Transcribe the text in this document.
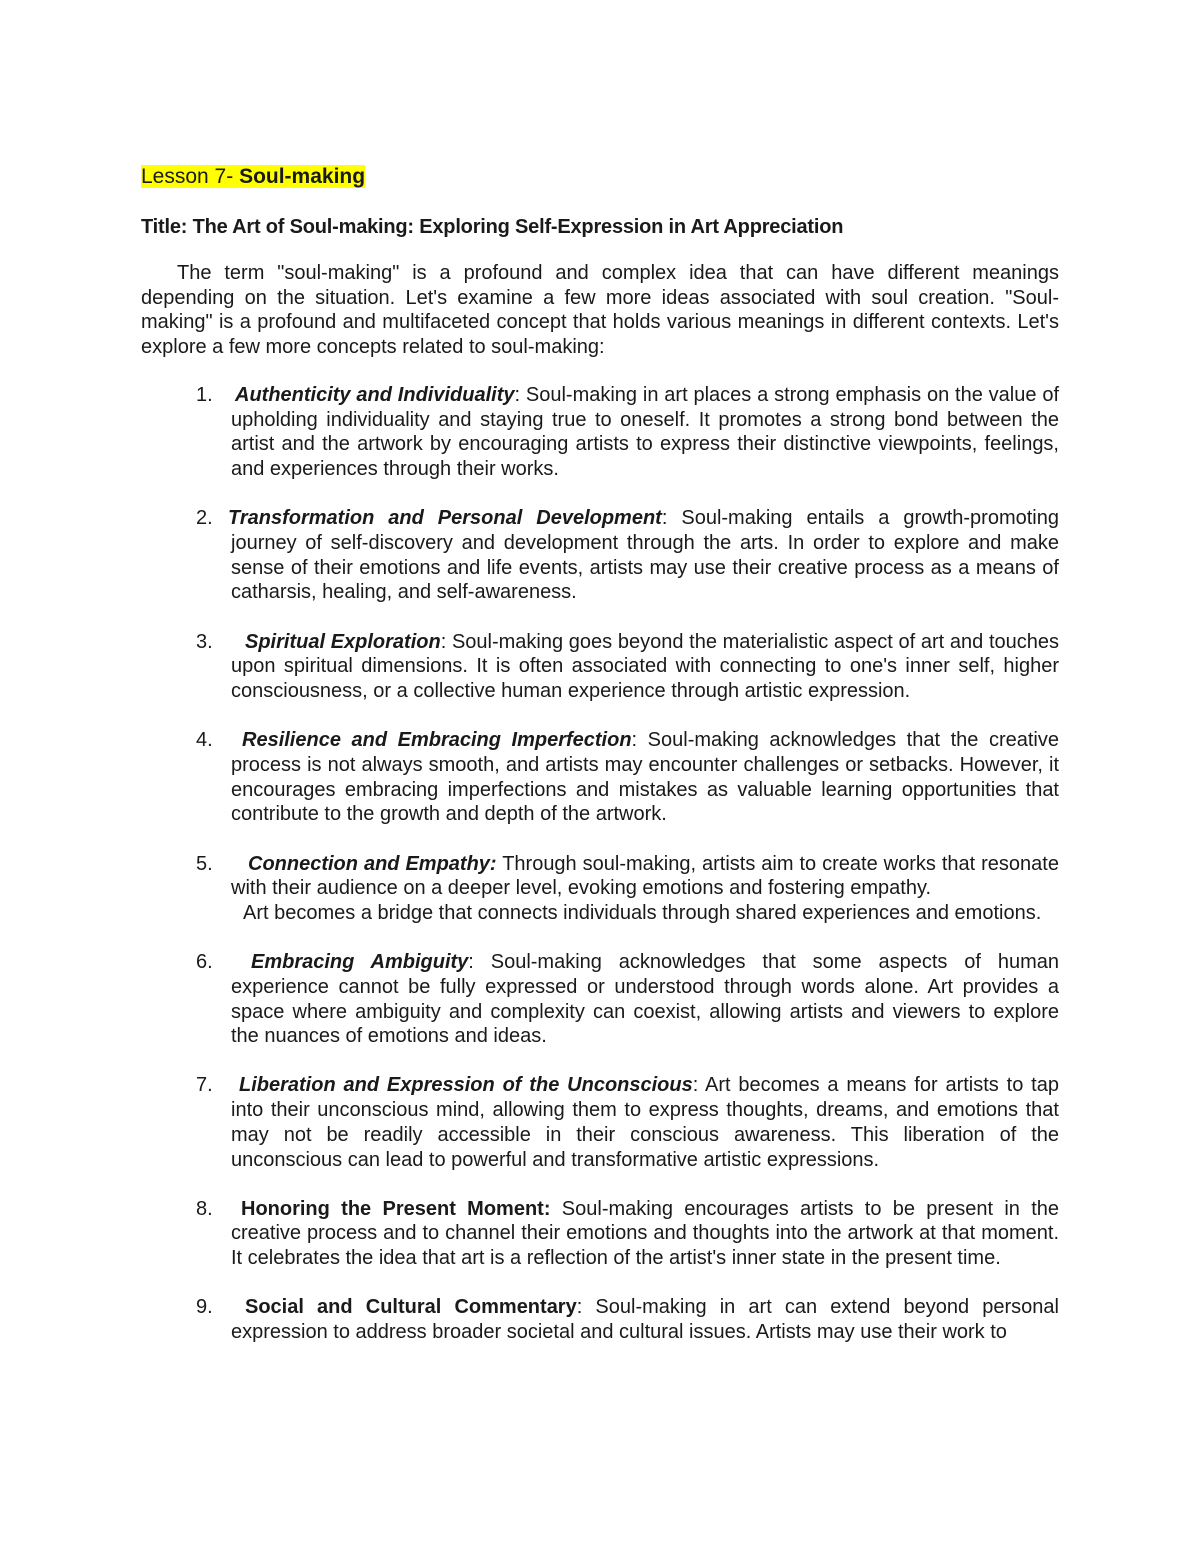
Lesson 7- Soul-making
Title: The Art of Soul-making: Exploring Self-Expression in Art Appreciation

The term "soul-making" is a profound and complex idea that can have different meanings depending on the situation. Let's examine a few more ideas associated with soul creation. "Soul-making" is a profound and multifaceted concept that holds various meanings in different contexts. Let's explore a few more concepts related to soul-making:

1. Authenticity and Individuality: Soul-making in art places a strong emphasis on the value of upholding individuality and staying true to oneself. It promotes a strong bond between the artist and the artwork by encouraging artists to express their distinctive viewpoints, feelings, and experiences through their works.
2. Transformation and Personal Development: Soul-making entails a growth-promoting journey of self-discovery and development through the arts. In order to explore and make sense of their emotions and life events, artists may use their creative process as a means of catharsis, healing, and self-awareness.
3.	Spiritual Exploration: Soul-making goes beyond the materialistic aspect of art and touches upon spiritual dimensions. It is often associated with connecting to one's inner self, higher consciousness, or a collective human experience through artistic expression.
4.	Resilience and Embracing Imperfection: Soul-making acknowledges that the creative process is not always smooth, and artists may encounter challenges or setbacks. However, it encourages embracing imperfections and mistakes as valuable learning opportunities that contribute to the growth and depth of the artwork.
5.	Connection and Empathy: Through soul-making, artists aim to create works that resonate with their audience on a deeper level, evoking emotions and fostering empathy.
Art becomes a bridge that connects individuals through shared experiences and emotions.
6.	Embracing Ambiguity: Soul-making acknowledges that some aspects of human experience cannot be fully expressed or understood through words alone. Art provides a space where ambiguity and complexity can coexist, allowing artists and viewers to explore the nuances of emotions and ideas.
7.	Liberation and Expression of the Unconscious: Art becomes a means for artists to tap into their unconscious mind, allowing them to express thoughts, dreams, and emotions that may not be readily accessible in their conscious awareness. This liberation of the unconscious can lead to powerful and transformative artistic expressions.
8.	Honoring the Present Moment: Soul-making encourages artists to be present in the creative process and to channel their emotions and thoughts into the artwork at that moment. It celebrates the idea that art is a reflection of the artist's inner state in the present time.
9.	Social and Cultural Commentary: Soul-making in art can extend beyond personal expression to address broader societal and cultural issues. Artists may use their work to
